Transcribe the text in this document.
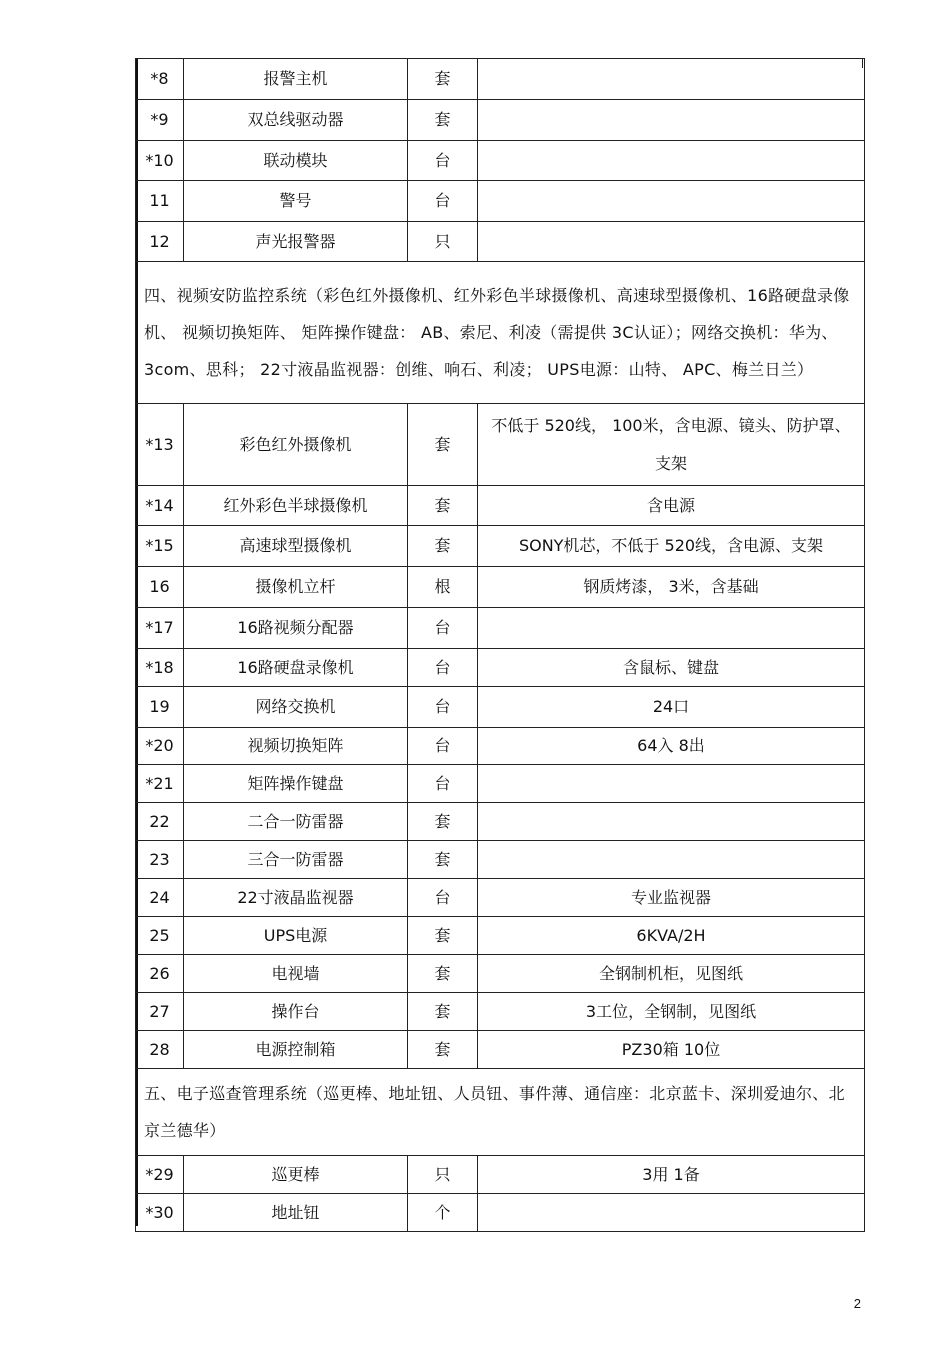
*8	报警主机	套	
*9	双总线驱动器	套	
*10	联动模块	台	
11	警号	台	
12	声光报警器	只	
四、视频安防监控系统（彩色红外摄像机、红外彩色半球摄像机、高速球型摄像机、16路硬盘录像机、 视频切换矩阵、 矩阵操作键盘： AB、索尼、利凌（需提供 3C认证）；网络交换机：华为、 3com、思科； 22寸液晶监视器：创维、响石、利凌； UPS电源：山特、 APC、梅兰日兰）			
*13	彩色红外摄像机	套	不低于 520线， 100米，含电源、镜头、防护罩、支架
*14	红外彩色半球摄像机	套	含电源
*15	高速球型摄像机	套	SONY机芯，不低于 520线，含电源、支架
16	摄像机立杆	根	钢质烤漆， 3米，含基础
*17	16路视频分配器	台	
*18	16路硬盘录像机	台	含鼠标、键盘
19	网络交换机	台	24口
*20	视频切换矩阵	台	64入 8出
*21	矩阵操作键盘	台	
22	二合一防雷器	套	
23	三合一防雷器	套	
24	22寸液晶监视器	台	专业监视器
25	UPS电源	套	6KVA/2H
26	电视墙	套	全钢制机柜，见图纸
27	操作台	套	3工位，全钢制，见图纸
28	电源控制箱	套	PZ30箱 10位
五、电子巡查管理系统（巡更棒、地址钮、人员钮、事件薄、通信座：北京蓝卡、深圳爱迪尔、北京兰德华）			
*29	巡更棒	只	3用 1备
*30	地址钮	个	
2
